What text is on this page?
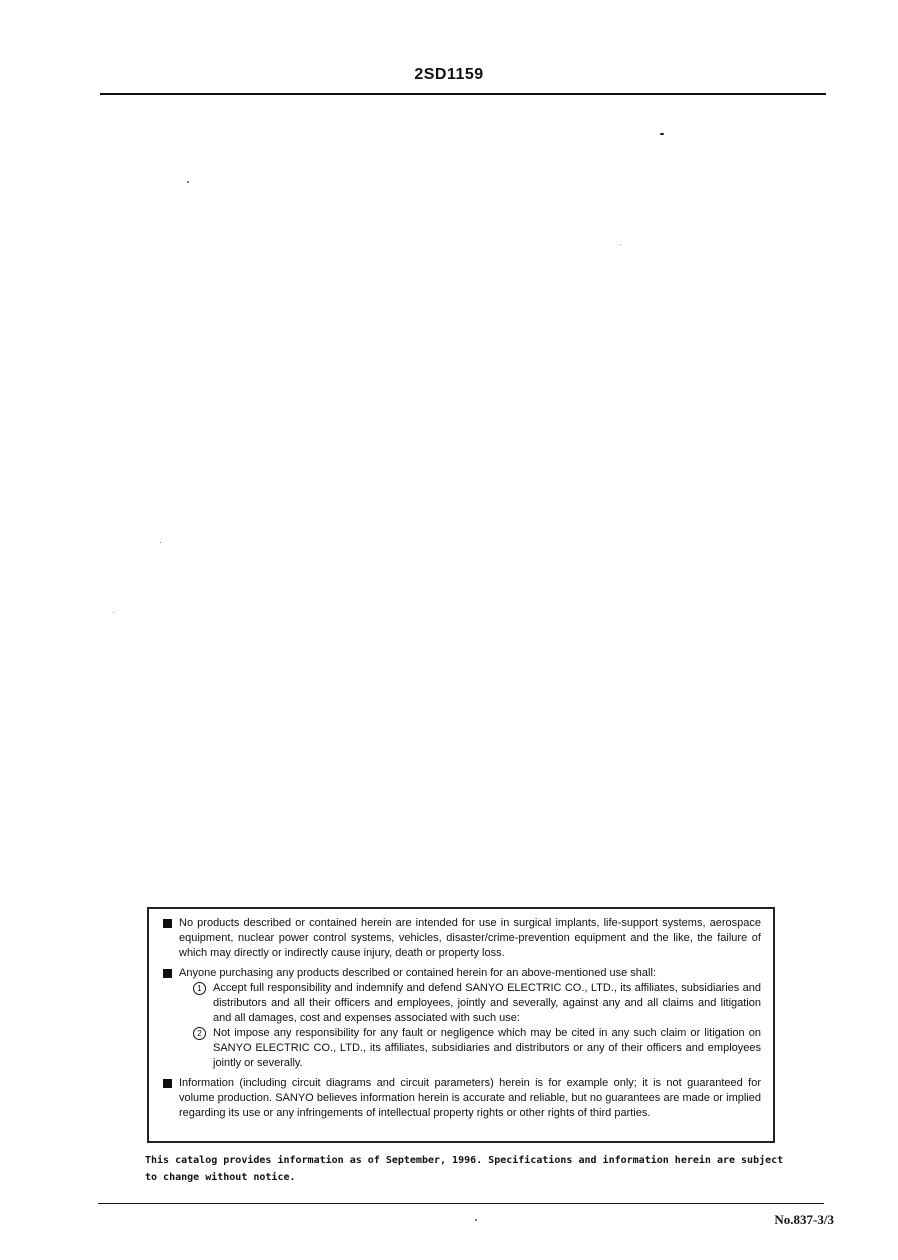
2SD1159
No products described or contained herein are intended for use in surgical implants, life-support systems, aerospace equipment, nuclear power control systems, vehicles, disaster/crime-prevention equipment and the like, the failure of which may directly or indirectly cause injury, death or property loss.
Anyone purchasing any products described or contained herein for an above-mentioned use shall:
1	Accept full responsibility and indemnify and defend SANYO ELECTRIC CO., LTD., its affiliates, subsidiaries and distributors and all their officers and employees, jointly and severally, against any and all claims and litigation and all damages, cost and expenses associated with such use:
2	Not impose any responsibility for any fault or negligence which may be cited in any such claim or litigation on SANYO ELECTRIC CO., LTD., its affiliates, subsidiaries and distributors or any of their officers and employees jointly or severally.
Information (including circuit diagrams and circuit parameters) herein is for example only; it is not guaranteed for volume production. SANYO believes information herein is accurate and reliable, but no guarantees are made or implied regarding its use or any infringements of intellectual property rights or other rights of third parties.
This catalog provides information as of September, 1996. Specifications and information herein are subject to change without notice.
No.837-3/3
